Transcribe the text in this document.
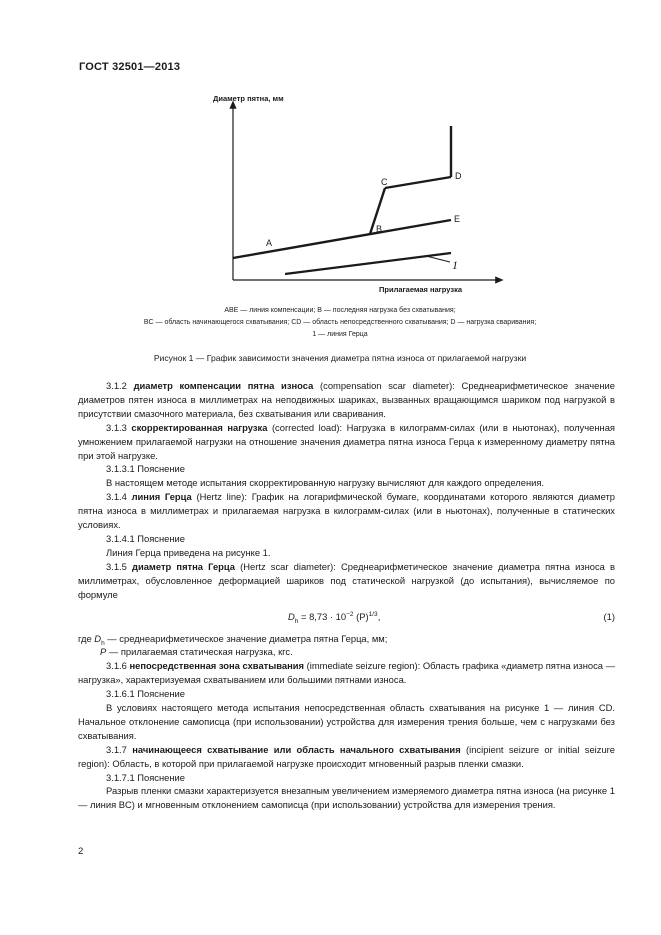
ГОСТ 32501—2013
Диаметр пятна, мм
Прилагаемая нагрузка
A
B
C
D
E
1
ABE — линия компенсации; B — последняя нагрузка без схватывания;
BC — область начинающегося схватывания; CD — область непосредственного схватывания; D — нагрузка сваривания;
1 — линия Герца
Рисунок 1 — График зависимости значения диаметра пятна износа от прилагаемой нагрузки

3.1.2 диаметр компенсации пятна износа (compensation scar diameter): Среднеарифметическое значение диаметров пятен износа в миллиметрах на неподвижных шариках, вызванных вращающимся шариком под нагрузкой в присутствии смазочного материала, без схватывания или сваривания.

3.1.3 скорректированная нагрузка (corrected load): Нагрузка в килограмм-силах (или в ньютонах), полученная умножением прилагаемой нагрузки на отношение значения диаметра пятна износа Герца к измеренному диаметру пятна при этой нагрузке.

3.1.3.1 Пояснение

В настоящем методе испытания скорректированную нагрузку вычисляют для каждого определения.

3.1.4 линия Герца (Hertz line): График на логарифмической бумаге, координатами которого являются диаметр пятна износа в миллиметрах и прилагаемая нагрузка в килограмм-силах (или в ньютонах), полученные в статических условиях.

3.1.4.1 Пояснение

Линия Герца приведена на рисунке 1.

3.1.5 диаметр пятна Герца (Hertz scar diameter): Среднеарифметическое значение диаметра пятна износа в миллиметрах, обусловленное деформацией шариков под статической нагрузкой (до испытания), вычисляемое по формуле

$D_h = 8,73 \cdot 10^{-2}$ $(P)^{1/3}$,	(1)

где $D_h$ — среднеарифметическое значение диаметра пятна Герца, мм;

P — прилагаемая статическая нагрузка, кгс.

3.1.6 непосредственная зона схватывания (immediate seizure region): Область графика «диаметр пятна износа — нагрузка», характеризуемая схватыванием или большими пятнами износа.

3.1.6.1 Пояснение

В условиях настоящего метода испытания непосредственная область схватывания на рисунке 1 — линия CD. Начальное отклонение самописца (при использовании) устройства для измерения трения больше, чем с нагрузками без схватывания.

3.1.7 начинающееся схватывание или область начального схватывания (incipient seizure or initial seizure region): Область, в которой при прилагаемой нагрузке происходит мгновенный разрыв пленки смазки.

3.1.7.1 Пояснение

Разрыв пленки смазки характеризуется внезапным увеличением измеряемого диаметра пятна износа (на рисунке 1 — линия BC) и мгновенным отклонением самописца (при использовании) устройства для измерения трения.

2
